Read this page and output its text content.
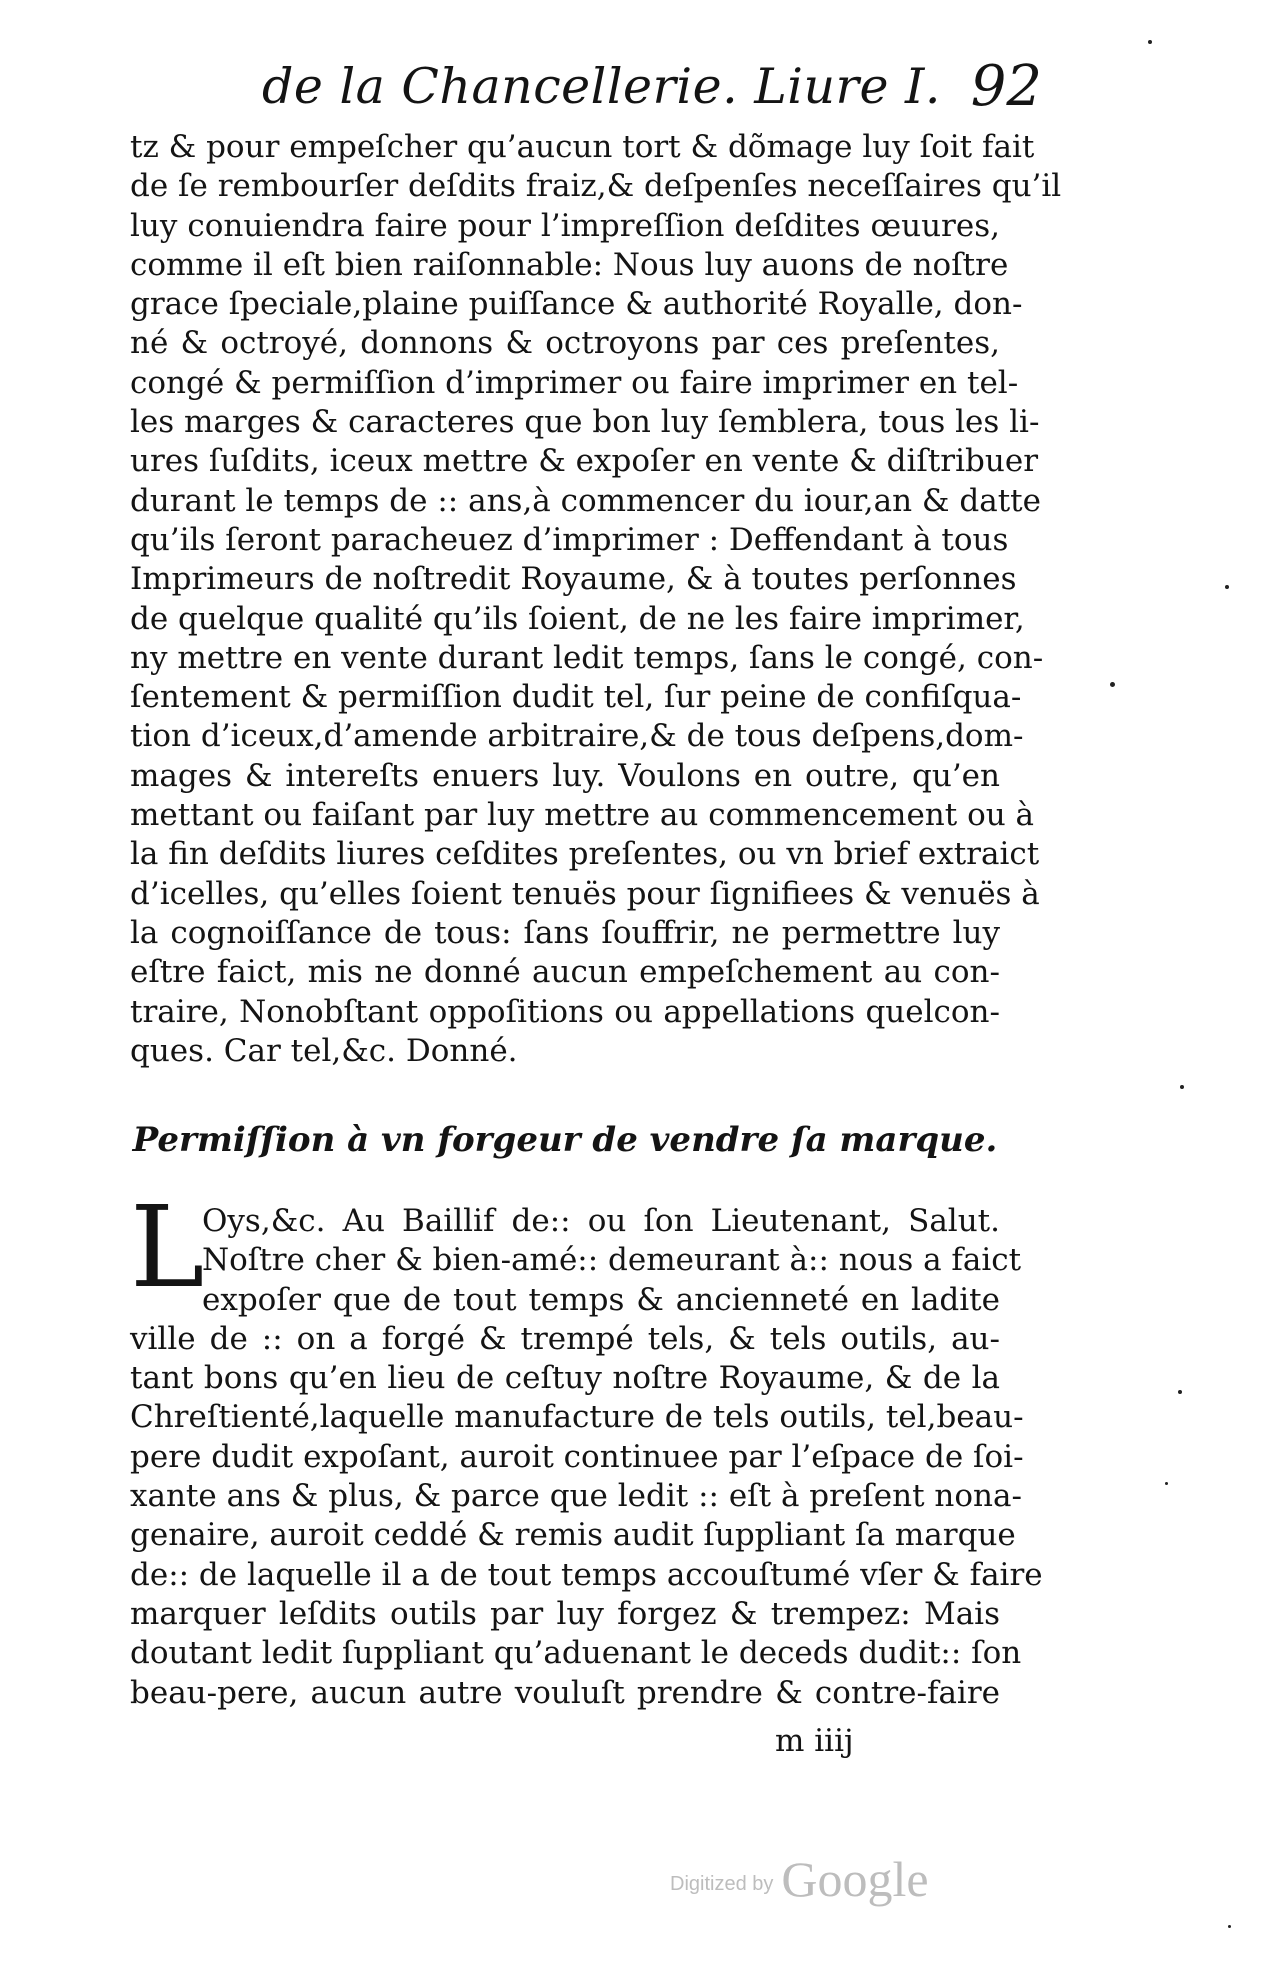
de la Chancellerie. Liure I. 92
tz & pour empeſcher qu’aucun tort & dõmage luy ſoit fait
de ſe rembourſer deſdits fraiz,& deſpenſes neceſſaires qu’il
luy conuiendra faire pour l’impreſſion deſdites œuures,
comme il eſt bien raiſonnable: Nous luy auons de noſtre
grace ſpeciale,plaine puiſſance & authorité Royalle, don-
né & octroyé, donnons & octroyons par ces preſentes,
congé & permiſſion d’imprimer ou faire imprimer en tel-
les marges & caracteres que bon luy ſemblera, tous les li-
ures ſuſdits, iceux mettre & expoſer en vente & diſtribuer
durant le temps de :: ans,à commencer du iour,an & datte
qu’ils ſeront paracheuez d’imprimer : Deffendant à tous
Imprimeurs de noſtredit Royaume, & à toutes perſonnes
de quelque qualité qu’ils ſoient, de ne les faire imprimer,
ny mettre en vente durant ledit temps, ſans le congé, con-
ſentement & permiſſion dudit tel, ſur peine de confiſqua-
tion d’iceux,d’amende arbitraire,& de tous deſpens,dom-
mages & intereſts enuers luy. Voulons en outre, qu’en
mettant ou faiſant par luy mettre au commencement ou à
la fin deſdits liures ceſdites preſentes, ou vn brief extraict
d’icelles, qu’elles ſoient tenuës pour ſignifiees & venuës à
la cognoiſſance de tous: ſans ſouffrir, ne permettre luy
eſtre faict, mis ne donné aucun empeſchement au con-
traire, Nonobſtant oppoſitions ou appellations quelcon-
ques. Car tel,&c. Donné.
Permiſſion à vn forgeur de vendre ſa marque.
L
Oys,&c. Au Baillif de:: ou ſon Lieutenant, Salut.
Noſtre cher & bien-amé:: demeurant à:: nous a faict
expoſer que de tout temps & ancienneté en ladite
ville de :: on a forgé & trempé tels, & tels outils, au-
tant bons qu’en lieu de ceſtuy noſtre Royaume, & de la
Chreſtienté,laquelle manufacture de tels outils, tel,beau-
pere dudit expoſant, auroit continuee par l’eſpace de ſoi-
xante ans & plus, & parce que ledit :: eſt à preſent nona-
genaire, auroit ceddé & remis audit ſuppliant ſa marque
de:: de laquelle il a de tout temps accouſtumé vſer & faire
marquer leſdits outils par luy forgez & trempez: Mais
doutant ledit ſuppliant qu’aduenant le deceds dudit:: ſon
beau-pere, aucun autre vouluſt prendre & contre-faire
m iiij
Digitized by Google
